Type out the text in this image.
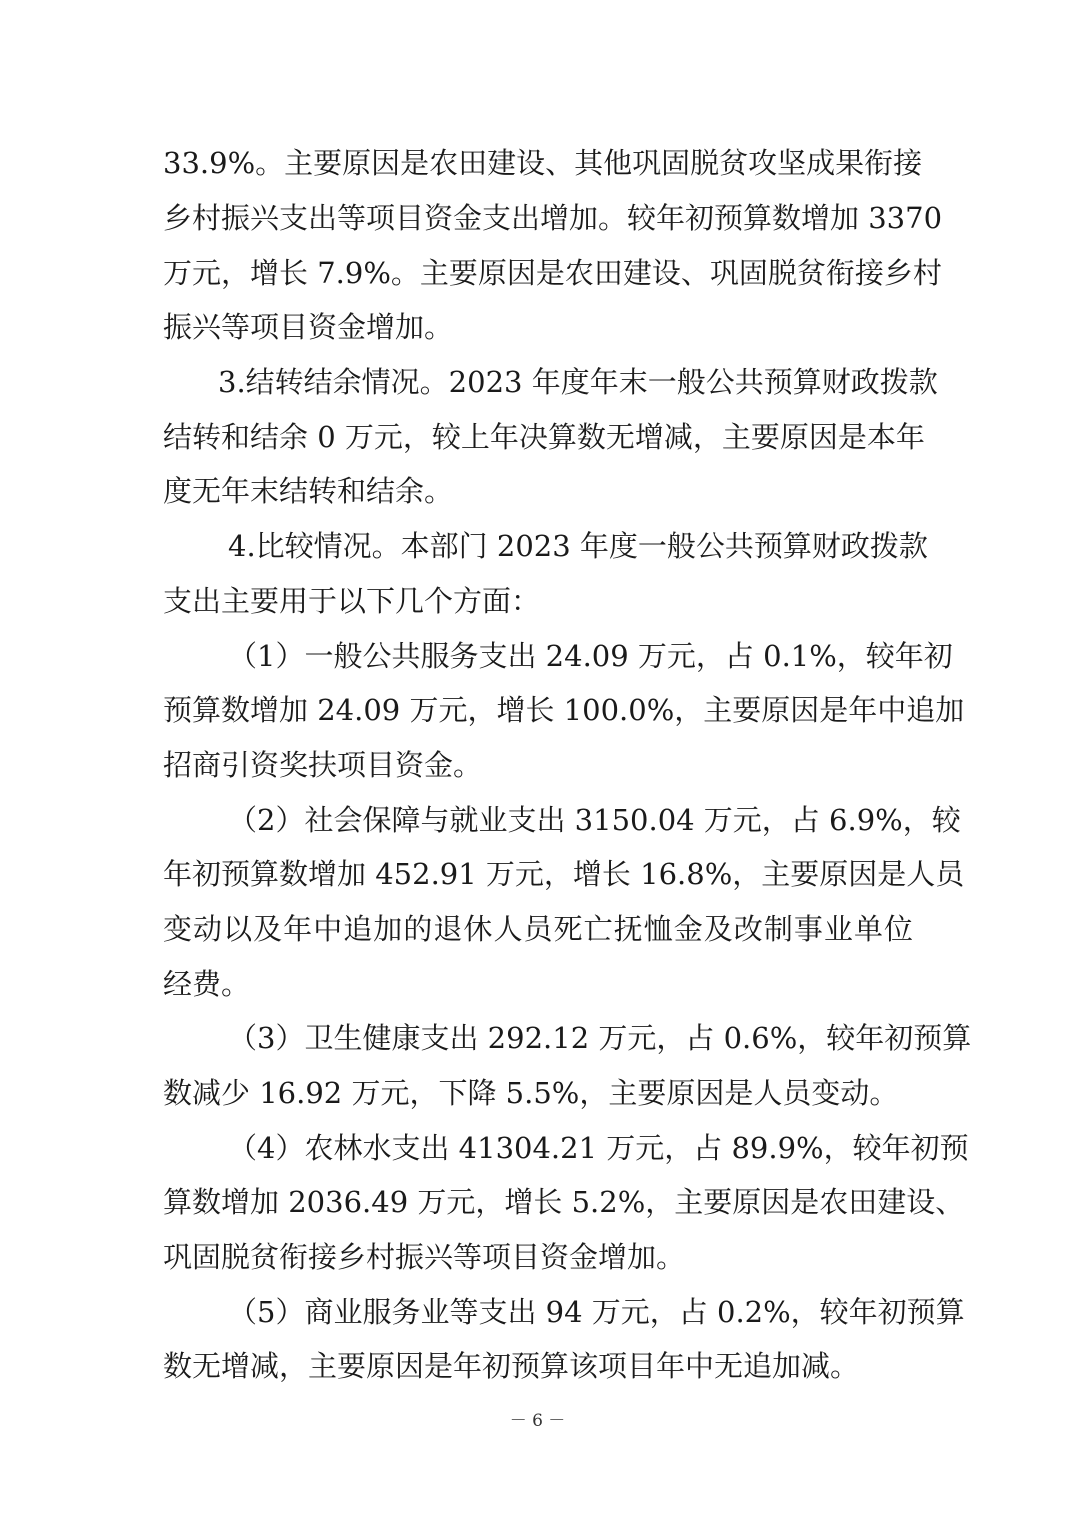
33.9%。主要原因是农田建设、其他巩固脱贫攻坚成果衔接
乡村振兴支出等项目资金支出增加。较年初预算数增加 3370
万元，增长 7.9%。主要原因是农田建设、巩固脱贫衔接乡村
振兴等项目资金增加。
3.结转结余情况。2023 年度年末一般公共预算财政拨款
结转和结余 0 万元，较上年决算数无增减，主要原因是本年
度无年末结转和结余。
4.比较情况。本部门 2023 年度一般公共预算财政拨款
支出主要用于以下几个方面：
（1）一般公共服务支出 24.09 万元，占 0.1%，较年初
预算数增加 24.09 万元，增长 100.0%，主要原因是年中追加
招商引资奖扶项目资金。
（2）社会保障与就业支出 3150.04 万元，占 6.9%，较
年初预算数增加 452.91 万元，增长 16.8%，主要原因是人员
变动以及年中追加的退休人员死亡抚恤金及改制事业单位
经费。
（3）卫生健康支出 292.12 万元，占 0.6%，较年初预算
数减少 16.92 万元，下降 5.5%，主要原因是人员变动。
（4）农林水支出 41304.21 万元，占 89.9%，较年初预
算数增加 2036.49 万元，增长 5.2%，主要原因是农田建设、
巩固脱贫衔接乡村振兴等项目资金增加。
（5）商业服务业等支出 94 万元，占 0.2%，较年初预算
数无增减，主要原因是年初预算该项目年中无追加减。
－ 6 －
